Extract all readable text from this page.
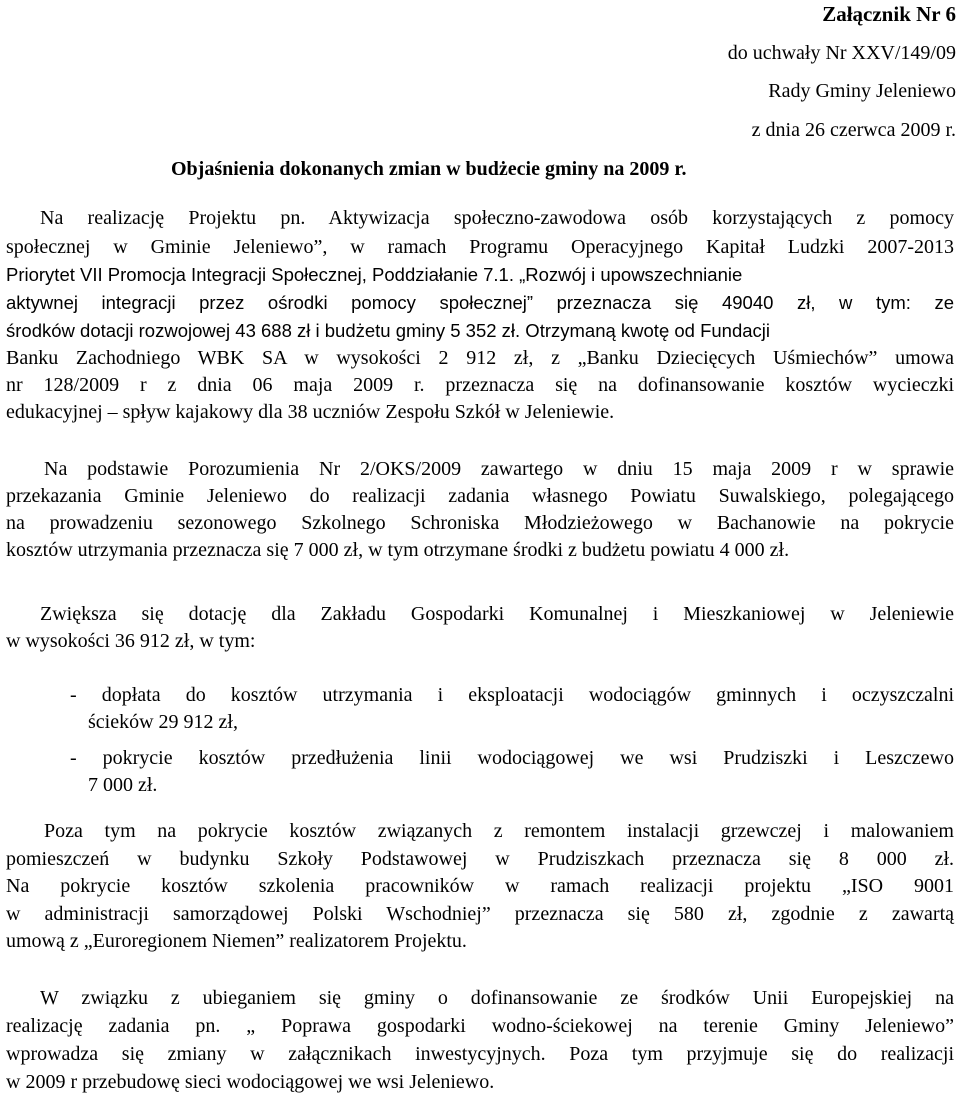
Załącznik Nr 6
do uchwały Nr XXV/149/09
Rady Gminy Jeleniewo
z dnia 26 czerwca 2009 r.
Objaśnienia dokonanych zmian w budżecie gminy na 2009 r.
Na realizację Projektu pn. Aktywizacja społeczno-zawodowa osób korzystających z pomocy
społecznej w Gminie Jeleniewo”, w ramach Programu Operacyjnego Kapitał Ludzki 2007-2013
Priorytet VII Promocja Integracji Społecznej, Poddziałanie 7.1. „Rozwój i upowszechnianie
aktywnej integracji przez ośrodki pomocy społecznej” przeznacza się 49040 zł, w tym: ze
środków dotacji rozwojowej 43 688 zł i budżetu gminy 5 352 zł. Otrzymaną kwotę od Fundacji
Banku Zachodniego WBK SA w wysokości 2 912 zł, z „Banku Dziecięcych Uśmiechów” umowa
nr 128/2009 r z dnia 06 maja 2009 r. przeznacza się na dofinansowanie kosztów wycieczki
edukacyjnej – spływ kajakowy dla 38 uczniów Zespołu Szkół w Jeleniewie.
Na podstawie Porozumienia Nr 2/OKS/2009 zawartego w dniu 15 maja 2009 r w sprawie
przekazania Gminie Jeleniewo do realizacji zadania własnego Powiatu Suwalskiego, polegającego
na prowadzeniu sezonowego Szkolnego Schroniska Młodzieżowego w Bachanowie na pokrycie
kosztów utrzymania przeznacza się 7 000 zł, w tym otrzymane środki z budżetu powiatu 4 000 zł.
Zwiększa się dotację dla Zakładu Gospodarki Komunalnej i Mieszkaniowej w Jeleniewie
w wysokości 36 912 zł, w tym:
- dopłata do kosztów utrzymania i eksploatacji wodociągów gminnych i oczyszczalni
ścieków 29 912 zł,
- pokrycie kosztów przedłużenia linii wodociągowej we wsi Prudziszki i Leszczewo
7 000 zł.
Poza tym na pokrycie kosztów związanych z remontem instalacji grzewczej i malowaniem
pomieszczeń w budynku Szkoły Podstawowej w Prudziszkach przeznacza się 8 000 zł.
Na pokrycie kosztów szkolenia pracowników w ramach realizacji projektu „ISO 9001
w administracji samorządowej Polski Wschodniej” przeznacza się 580 zł, zgodnie z zawartą
umową z „Euroregionem Niemen” realizatorem Projektu.
W związku z ubieganiem się gminy o dofinansowanie ze środków Unii Europejskiej na
realizację zadania pn. „ Poprawa gospodarki wodno-ściekowej na terenie Gminy Jeleniewo”
wprowadza się zmiany w załącznikach inwestycyjnych. Poza tym przyjmuje się do realizacji
w 2009 r przebudowę sieci wodociągowej we wsi Jeleniewo.
